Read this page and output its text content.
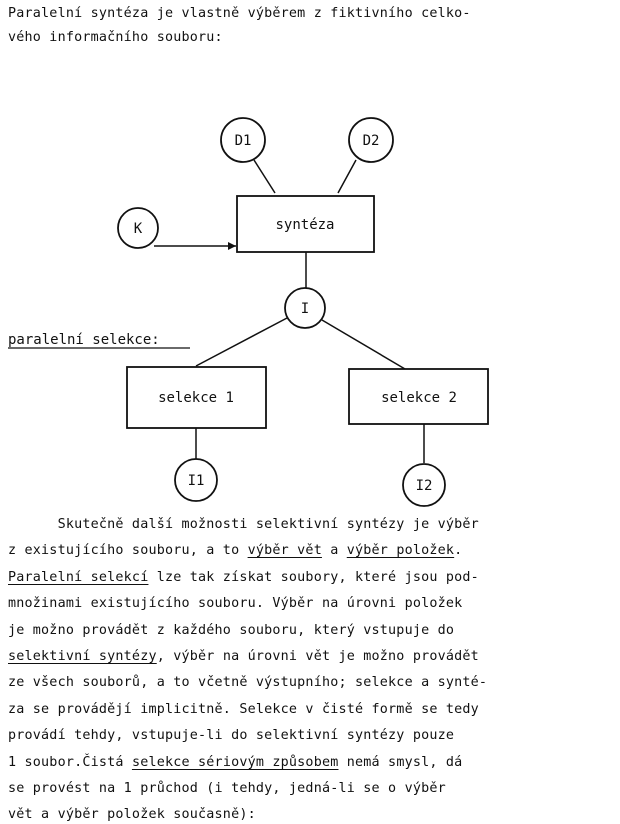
Paralelní syntéza je vlastně výběrem z fiktivního celko-
vého informačního souboru:
D1	D2
K	syntéza
I
selekce 1	selekce 2
I1	I2
paralelní selekce:
Skutečně další možnosti selektivní syntézy je výběr
z existujícího souboru, a to výběr vět a výběr položek.
Paralelní selekcí lze tak získat soubory, které jsou pod-
množinami existujícího souboru. Výběr na úrovni položek
je možno provádět z každého souboru, který vstupuje do
selektivní syntézy, výběr na úrovni vět je možno provádět
ze všech souborů, a to včetně výstupního; selekce a synté-
za se provádějí implicitně. Selekce v čisté formě se tedy
provádí tehdy, vstupuje-li do selektivní syntézy pouze
1 soubor.Čistá selekce sériovým způsobem nemá smysl, dá
se provést na 1 průchod (i tehdy, jedná-li se o výběr
vět a výběr položek současně):
